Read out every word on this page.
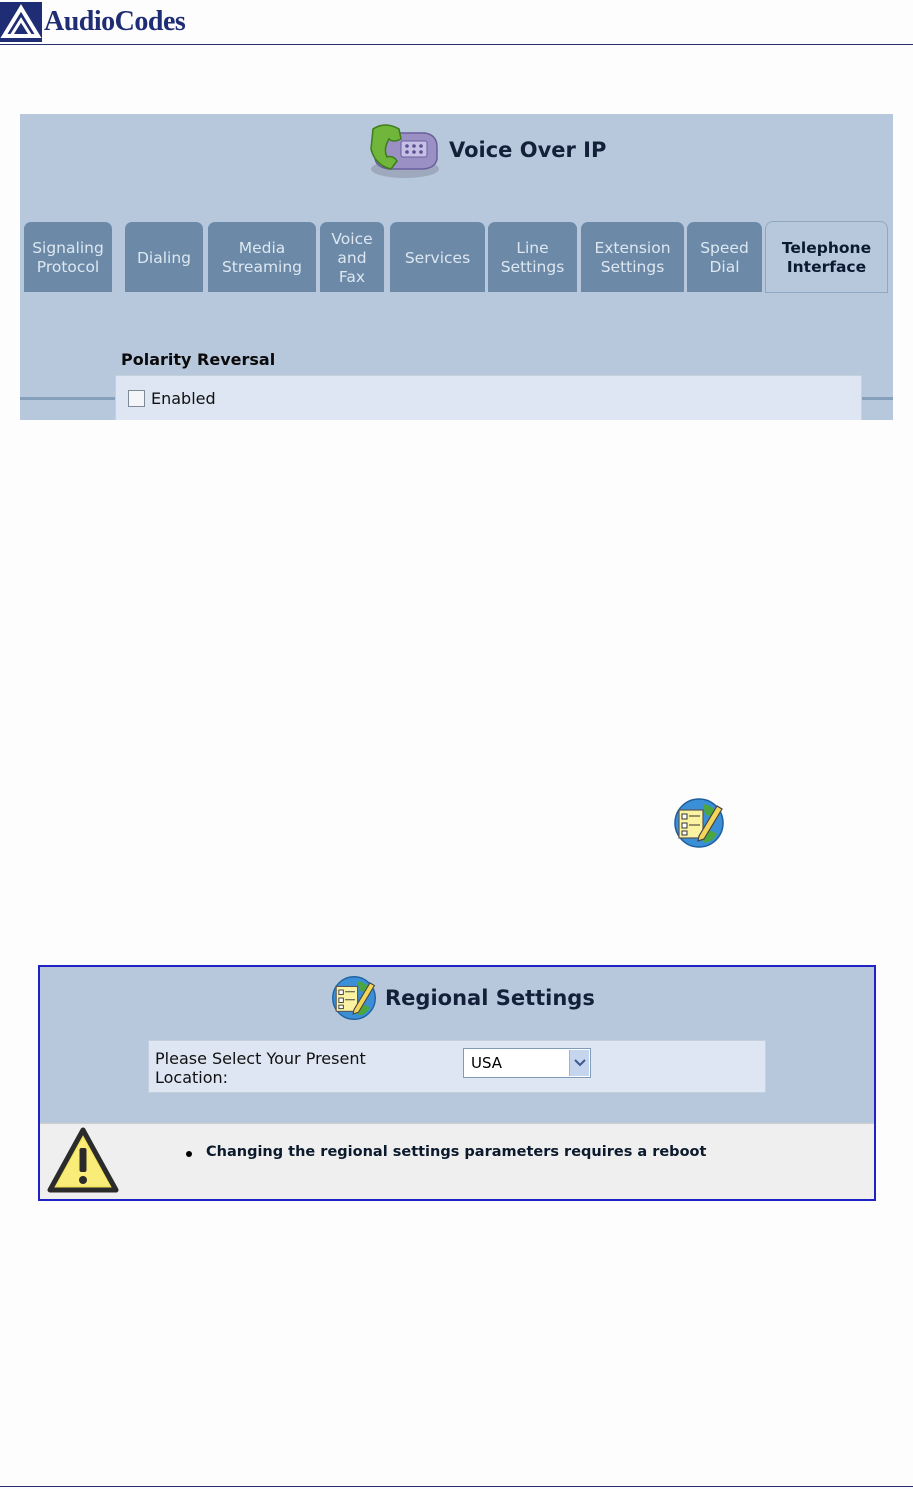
AudioCodes
Voice Over IP
Signaling
Protocol
Dialing
Media
Streaming
Voice
and
Fax
Services
Line
Settings
Extension
Settings
Speed
Dial
Telephone
Interface
Polarity Reversal
Enabled
Regional Settings
Please Select Your Present
Location:
USA
Changing the regional settings parameters requires a reboot
